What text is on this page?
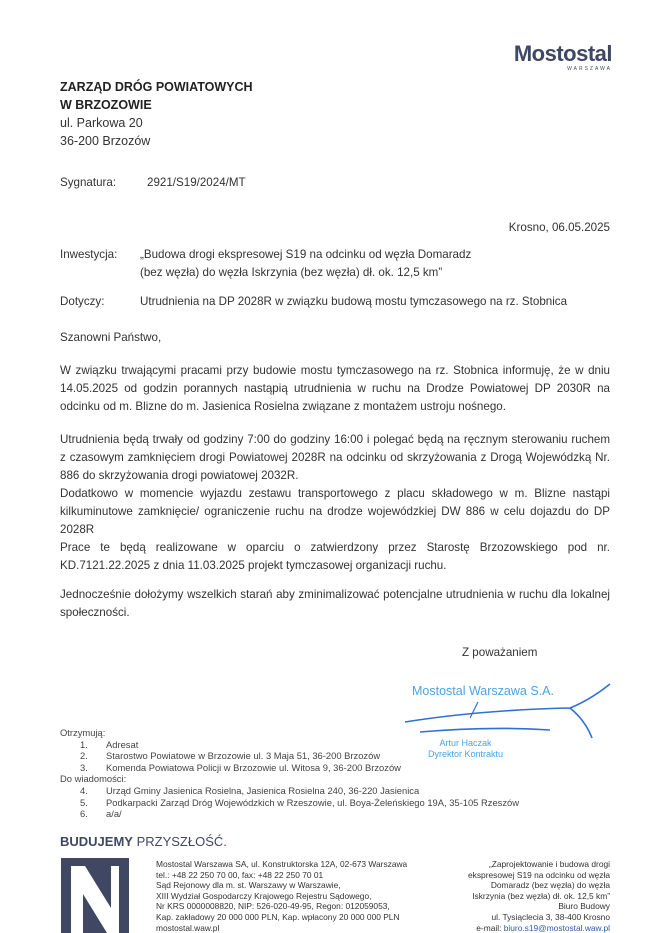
Mostostal
WARSZAWA
ZARZĄD DRÓG POWIATOWYCH
W BRZOZOWIE
ul. Parkowa 20
36-200 Brzozów
Sygnatura:	2921/S19/2024/MT
Krosno, 06.05.2025
Inwestycja: „Budowa drogi ekspresowej S19 na odcinku od węzła Domaradz
(bez węzła) do węzła Iskrzynia (bez węzła) dł. ok. 12,5 km”
Dotyczy:	Utrudnienia na DP 2028R w związku budową mostu tymczasowego na rz. Stobnica
Szanowni Państwo,
W związku trwającymi pracami przy budowie mostu tymczasowego na rz. Stobnica informuję, że w dniu 14.05.2025 od godzin porannych nastąpią utrudnienia w ruchu na Drodze Powiatowej DP 2030R na odcinku od m. Blizne do m. Jasienica Rosielna związane z montażem ustroju nośnego.
Utrudnienia będą trwały od godziny 7:00 do godziny 16:00 i polegać będą na ręcznym sterowaniu ruchem z czasowym zamknięciem drogi Powiatowej 2028R na odcinku od skrzyżowania z Drogą Wojewódzką Nr. 886 do skrzyżowania drogi powiatowej 2032R.
Dodatkowo w momencie wyjazdu zestawu transportowego z placu składowego w m. Blizne nastąpi kilkuminutowe zamknięcie/ ograniczenie ruchu na drodze wojewódzkiej DW 886 w celu dojazdu do DP 2028R
Prace te będą realizowane w oparciu o zatwierdzony przez Starostę Brzozowskiego pod nr. KD.7121.22.2025 z dnia 11.03.2025 projekt tymczasowej organizacji ruchu.
Jednocześnie dołożymy wszelkich starań aby zminimalizować potencjalne utrudnienia w ruchu dla lokalnej społeczności.
Z poważaniem
Mostostal Warszawa S.A.
Artur Haczak
Dyrektor Kontraktu
Otrzymują:
1.	Adresat
2.	Starostwo Powiatowe w Brzozowie ul. 3 Maja 51, 36-200 Brzozów
3.	Komenda Powiatowa Policji w Brzozowie ul. Witosa 9, 36-200 Brzozów
Do wiadomości:
4.	Urząd Gminy Jasienica Rosielna, Jasienica Rosielna 240, 36-220 Jasienica
5.	Podkarpacki Zarząd Dróg Wojewódzkich w Rzeszowie, ul. Boya-Żeleńskiego 19A, 35-105 Rzeszów
6.	a/a/
BUDUJEMY PRZYSZŁOŚĆ.
Mostostal Warszawa SA, ul. Konstruktorska 12A, 02-673 Warszawa
tel.: +48 22 250 70 00, fax: +48 22 250 70 01
Sąd Rejonowy dla m. st. Warszawy w Warszawie,
XIII Wydział Gospodarczy Krajowego Rejestru Sądowego,
Nr KRS 0000008820, NIP: 526-020-49-95, Regon: 012059053,
Kap. zakładowy 20 000 000 PLN, Kap. wpłacony 20 000 000 PLN
mostostal.waw.pl
„Zaprojektowanie i budowa drogi
ekspresowej S19 na odcinku od węzła
Domaradz (bez węzła) do węzła
Iskrzynia (bez węzła) dł. ok. 12,5 km”
Biuro Budowy
ul. Tysiąclecia 3, 38-400 Krosno
e-mail: biuro.s19@mostostal.waw.pl
